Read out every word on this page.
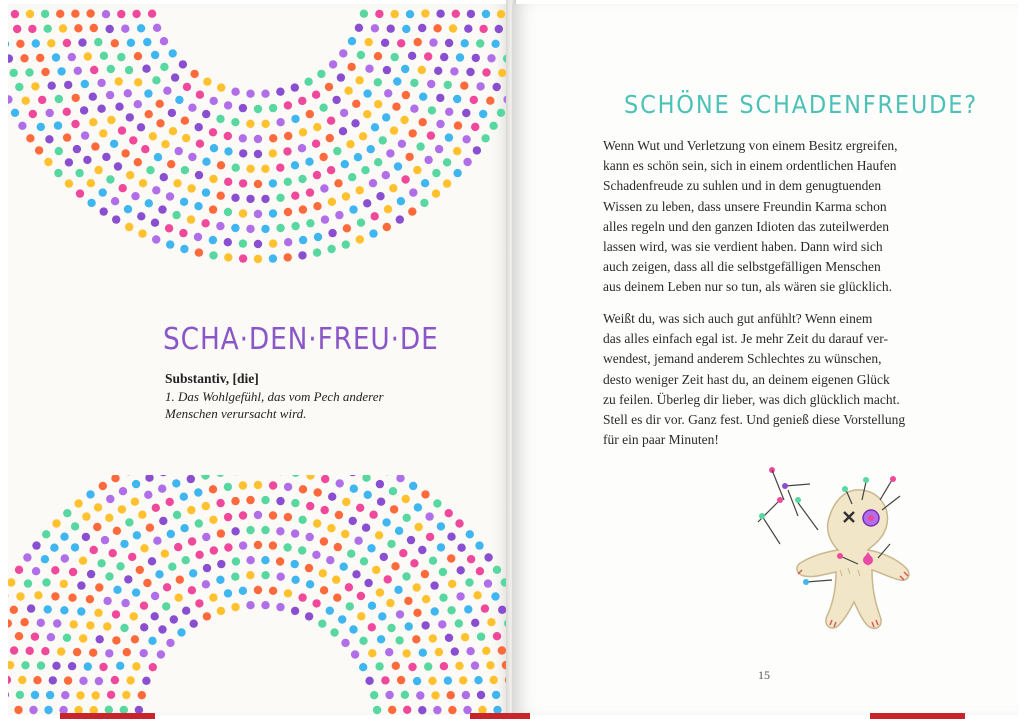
SCHA·DEN·FREU·DE
Substantiv, [die]
1. Das Wohlgefühl, das vom Pech anderer Menschen verursacht wird.
SCHÖNE SCHADENFREUDE?

Wenn Wut und Verletzung von einem Besitz ergreifen,
kann es schön sein, sich in einem ordentlichen Haufen
Schadenfreude zu suhlen und in dem genugtuenden
Wissen zu leben, dass unsere Freundin Karma schon
alles regeln und den ganzen Idioten das zuteilwerden
lassen wird, was sie verdient haben. Dann wird sich
auch zeigen, dass all die selbstgefälligen Menschen
aus deinem Leben nur so tun, als wären sie glücklich.

Weißt du, was sich auch gut anfühlt? Wenn einem
das alles einfach egal ist. Je mehr Zeit du darauf ver-
wendest, jemand anderem Schlechtes zu wünschen,
desto weniger Zeit hast du, an deinem eigenen Glück
zu feilen. Überleg dir lieber, was dich glücklich macht.
Stell es dir vor. Ganz fest. Und genieß diese Vorstellung
für ein paar Minuten!

15
